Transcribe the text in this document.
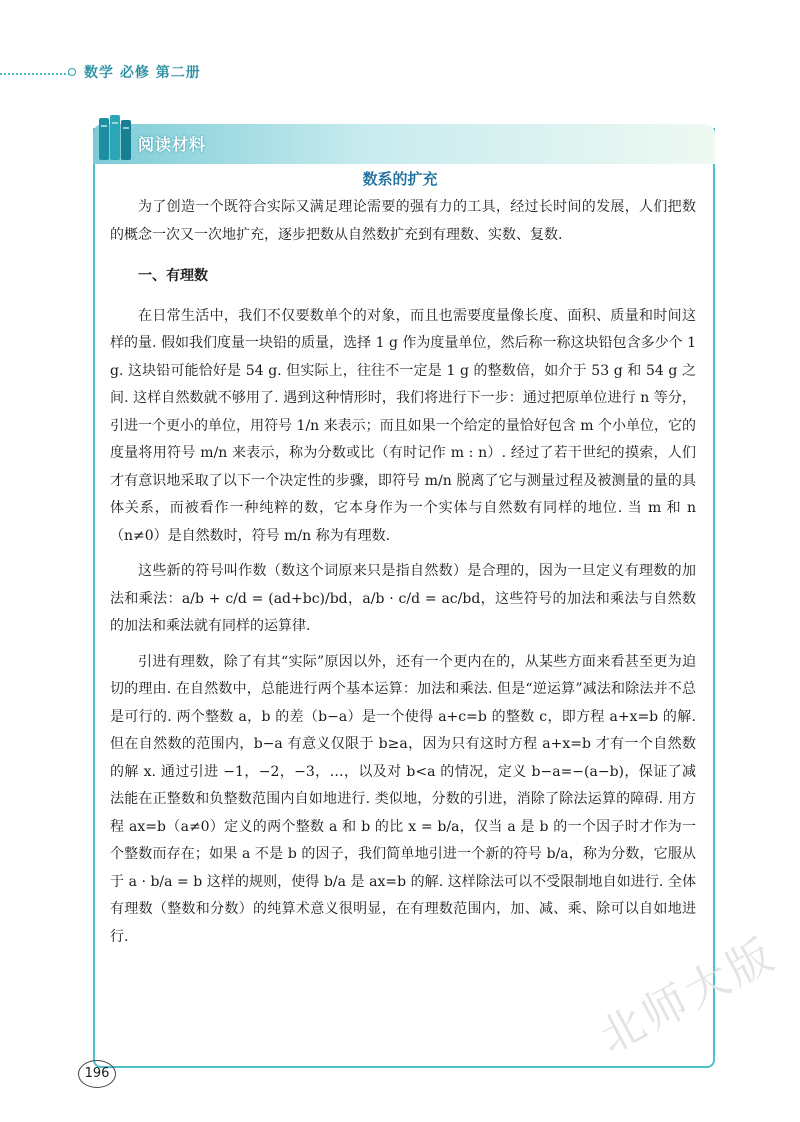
数学 必修 第二册
阅读材料
数系的扩充

为了创造一个既符合实际又满足理论需要的强有力的工具，经过长时间的发展，人们把数的概念一次又一次地扩充，逐步把数从自然数扩充到有理数、实数、复数.

一、有理数

在日常生活中，我们不仅要数单个的对象，而且也需要度量像长度、面积、质量和时间这样的量. 假如我们度量一块铅的质量，选择 1 g 作为度量单位，然后称一称这块铅包含多少个 1 g. 这块铅可能恰好是 54 g. 但实际上，往往不一定是 1 g 的整数倍，如介于 53 g 和 54 g 之间. 这样自然数就不够用了. 遇到这种情形时，我们将进行下一步：通过把原单位进行 n 等分，引进一个更小的单位，用符号 1/n 来表示；而且如果一个给定的量恰好包含 m 个小单位，它的度量将用符号 m/n 来表示，称为分数或比（有时记作 m : n）. 经过了若干世纪的摸索，人们才有意识地采取了以下一个决定性的步骤，即符号 m/n 脱离了它与测量过程及被测量的量的具体关系，而被看作一种纯粹的数，它本身作为一个实体与自然数有同样的地位. 当 m 和 n（n≠0）是自然数时，符号 m/n 称为有理数.

这些新的符号叫作数（数这个词原来只是指自然数）是合理的，因为一旦定义有理数的加法和乘法：a/b + c/d = (ad+bc)/bd，a/b · c/d = ac/bd，这些符号的加法和乘法与自然数的加法和乘法就有同样的运算律.

引进有理数，除了有其“实际”原因以外，还有一个更内在的，从某些方面来看甚至更为迫切的理由. 在自然数中，总能进行两个基本运算：加法和乘法. 但是“逆运算”减法和除法并不总是可行的. 两个整数 a，b 的差（b−a）是一个使得 a+c=b 的整数 c，即方程 a+x=b 的解. 但在自然数的范围内，b−a 有意义仅限于 b≥a，因为只有这时方程 a+x=b 才有一个自然数的解 x. 通过引进 −1，−2，−3，…，以及对 b<a 的情况，定义 b−a=−(a−b)，保证了减法能在正整数和负整数范围内自如地进行. 类似地，分数的引进，消除了除法运算的障碍. 用方程 ax=b（a≠0）定义的两个整数 a 和 b 的比 x = b/a，仅当 a 是 b 的一个因子时才作为一个整数而存在；如果 a 不是 b 的因子，我们简单地引进一个新的符号 b/a，称为分数，它服从于 a · b/a = b 这样的规则，使得 b/a 是 ax=b 的解. 这样除法可以不受限制地自如进行. 全体有理数（整数和分数）的纯算术意义很明显，在有理数范围内，加、减、乘、除可以自如地进行.

196
北师大版
